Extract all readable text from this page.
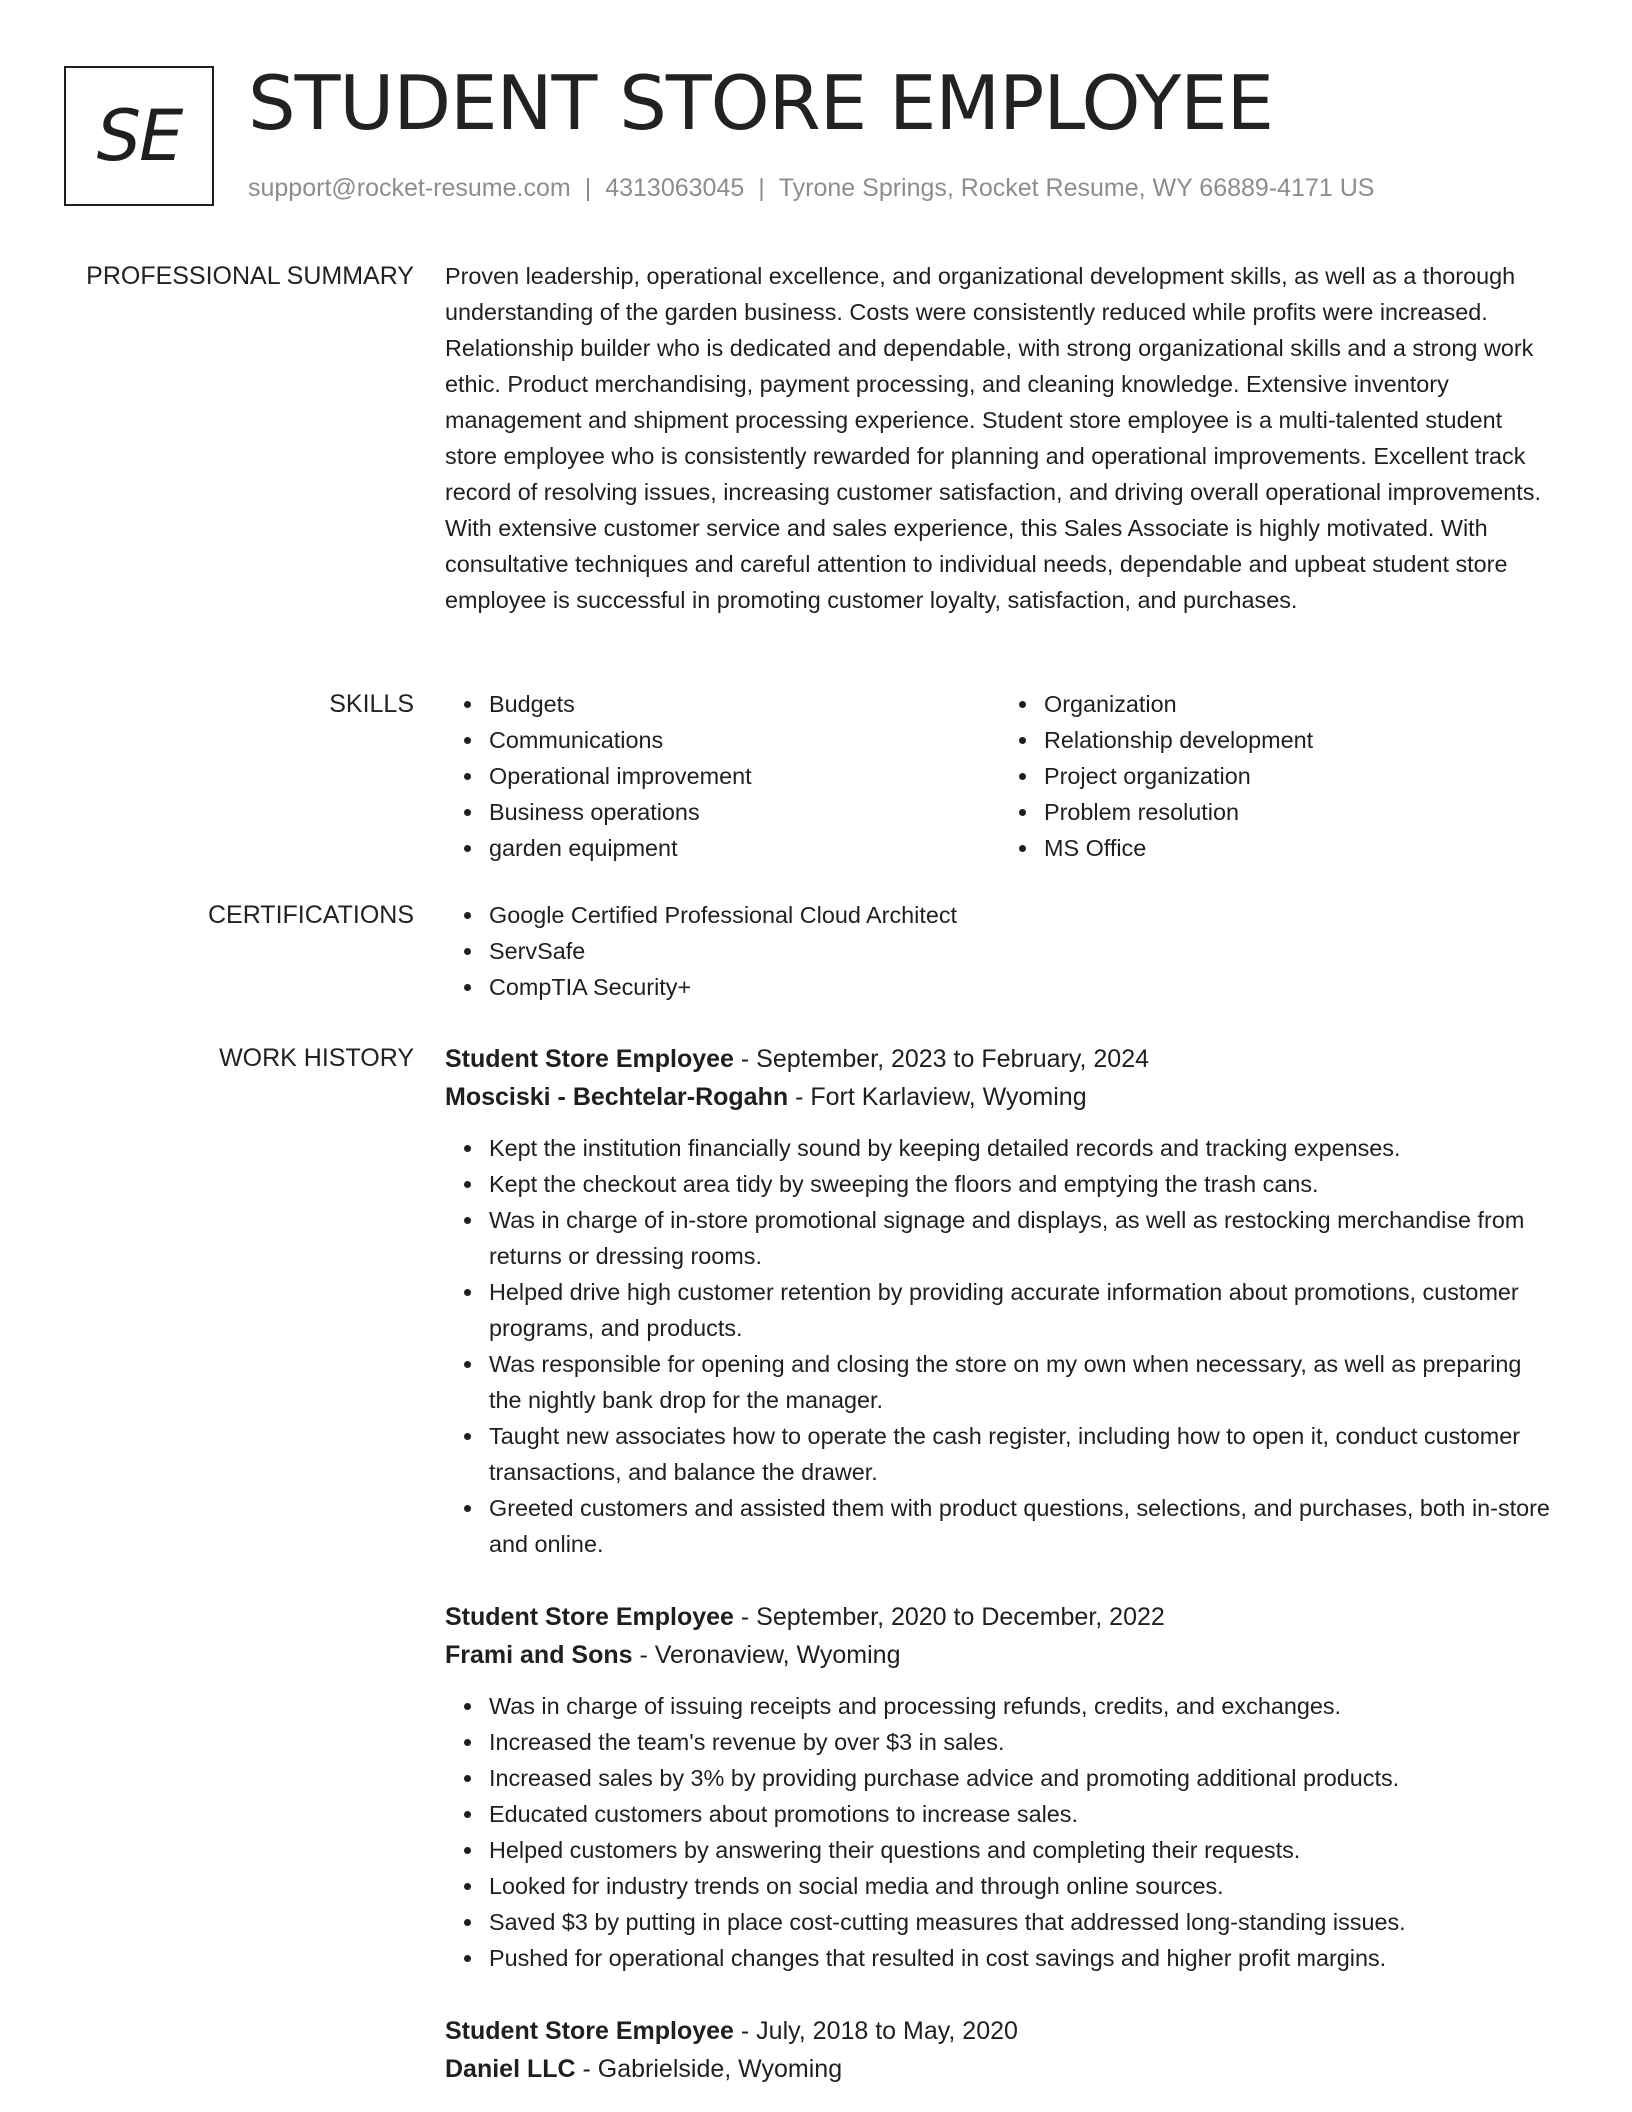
SE STUDENT STORE EMPLOYEE
support@rocket-resume.com | 4313063045 | Tyrone Springs, Rocket Resume, WY 66889-4171 US
PROFESSIONAL SUMMARY Proven leadership, operational excellence, and organizational development skills, as well as a thorough understanding of the garden business. Costs were consistently reduced while profits were increased. Relationship builder who is dedicated and dependable, with strong organizational skills and a strong work ethic. Product merchandising, payment processing, and cleaning knowledge. Extensive inventory management and shipment processing experience. Student store employee is a multi-talented student store employee who is consistently rewarded for planning and operational improvements. Excellent track record of resolving issues, increasing customer satisfaction, and driving overall operational improvements. With extensive customer service and sales experience, this Sales Associate is highly motivated. With consultative techniques and careful attention to individual needs, dependable and upbeat student store employee is successful in promoting customer loyalty, satisfaction, and purchases.

SKILLS	Budgets
Communications
Operational improvement
Business operations
garden equipment
Organization
Relationship development
Project organization
Problem resolution
MS Office
CERTIFICATIONS	Google Certified Professional Cloud Architect
ServSafe
CompTIA Security+
WORK HISTORY Student Store Employee - September, 2023 to February, 2024
Mosciski - Bechtelar-Rogahn - Fort Karlaview, Wyoming
Kept the institution financially sound by keeping detailed records and tracking expenses.
Kept the checkout area tidy by sweeping the floors and emptying the trash cans.
Was in charge of in-store promotional signage and displays, as well as restocking merchandise from returns or dressing rooms.
Helped drive high customer retention by providing accurate information about promotions, customer programs, and products.
Was responsible for opening and closing the store on my own when necessary, as well as preparing the nightly bank drop for the manager.
Taught new associates how to operate the cash register, including how to open it, conduct customer transactions, and balance the drawer.
Greeted customers and assisted them with product questions, selections, and purchases, both in-store and online.
Student Store Employee - September, 2020 to December, 2022
Frami and Sons - Veronaview, Wyoming
Was in charge of issuing receipts and processing refunds, credits, and exchanges.
Increased the team's revenue by over $3 in sales.
Increased sales by 3% by providing purchase advice and promoting additional products.
Educated customers about promotions to increase sales.
Helped customers by answering their questions and completing their requests.
Looked for industry trends on social media and through online sources.
Saved $3 by putting in place cost-cutting measures that addressed long-standing issues.
Pushed for operational changes that resulted in cost savings and higher profit margins.
Student Store Employee - July, 2018 to May, 2020
Daniel LLC - Gabrielside, Wyoming
